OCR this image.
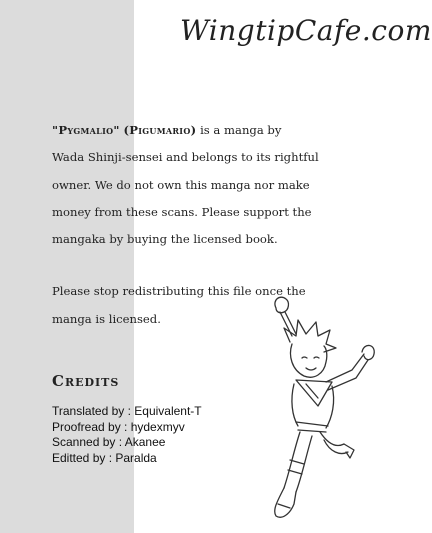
WingtipCafe.com

"Pygmalio" (Pigumario) is a manga by
Wada Shinji-sensei and belongs to its rightful
owner. We do not own this manga nor make
money from these scans. Please support the
mangaka by buying the licensed book.

Please stop redistributing this file once the
manga is licensed.

Credits
Translated by : Equivalent-T
Proofread by : hydexmyv
Scanned by : Akanee
Editted by : Paralda
